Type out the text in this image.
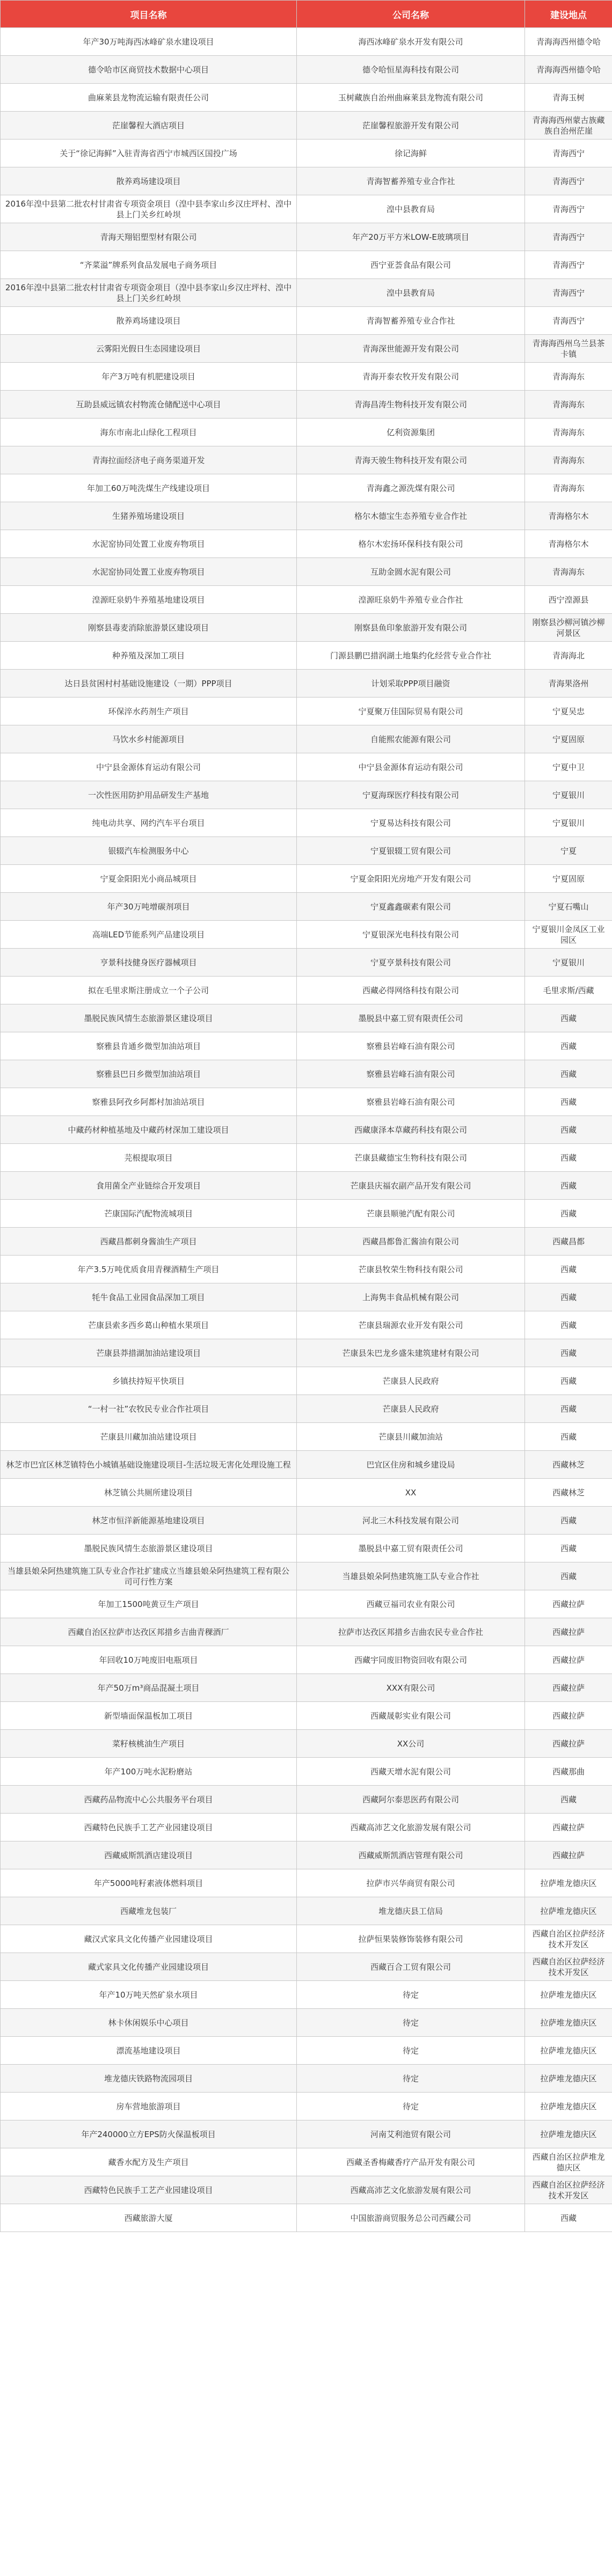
项目名称	公司名称	建设地点
年产30万吨海西冰峰矿泉水建设项目	海西冰峰矿泉水开发有限公司	青海海西州德令哈
德令哈市区商贸技术数据中心项目	德令哈恒星海科技有限公司	青海海西州德令哈
曲麻莱县龙物流运输有限责任公司	玉树藏族自治州曲麻莱县龙物流有限公司	青海玉树
茫崖馨程大酒店项目	茫崖馨程旅游开发有限公司	青海海西州蒙古族藏族自治州茫崖
关于“徐记海鲜”入驻青海省西宁市城西区国投广场	徐记海鲜	青海西宁
散养鸡场建设项目	青海智蓄养殖专业合作社	青海西宁
2016年湟中县第二批农村甘肃省专项资金项目（湟中县李家山乡汉庄坪村、湟中县上门关乡红岭坝	湟中县教育局	青海西宁
青海天翔铝塑型材有限公司	年产20万平方米LOW-E玻璃项目	青海西宁
“齐菜溢”牌系列食品发展电子商务项目	西宁亚荟食品有限公司	青海西宁
2016年湟中县第二批农村甘肃省专项资金项目（湟中县李家山乡汉庄坪村、湟中县上门关乡红岭坝	湟中县教育局	青海西宁
散养鸡场建设项目	青海智蓄养殖专业合作社	青海西宁
云雾阳光假日生态园建设项目	青海深世能源开发有限公司	青海海西州乌兰县茶卡镇
年产3万吨有机肥建设项目	青海开泰农牧开发有限公司	青海海东
互助县威远镇农村物流仓储配送中心项目	青海昌涛生物科技开发有限公司	青海海东
海东市南北山绿化工程项目	亿利资源集团	青海海东
青海拉面经济电子商务渠道开发	青海天骏生物科技开发有限公司	青海海东
年加工60万吨洗煤生产线建设项目	青海鑫之源洗煤有限公司	青海海东
生猪养殖场建设项目	格尔木德宝生态养殖专业合作社	青海格尔木
水泥窑协同处置工业废弃物项目	格尔木宏扬环保科技有限公司	青海格尔木
水泥窑协同处置工业废弃物项目	互助金圆水泥有限公司	青海海东
湟源旺泉奶牛养殖基地建设项目	湟源旺泉奶牛养殖专业合作社	西宁湟源县
刚察县毒麦消除旅游景区建设项目	刚察县鱼印象旅游开发有限公司	刚察县沙柳河镇沙柳河景区
种养殖及深加工项目	门源县鹏巴措润湖土地集约化经营专业合作社	青海海北
达日县贫困村村基础设施建设（一期）PPP项目	计划采取PPP项目融资	青海果洛州
环保淬水药剂生产项目	宁夏聚万佳国际贸易有限公司	宁夏吴忠
马饮水乡村能源项目	自能熙农能源有限公司	宁夏固原
中宁县金源体育运动有限公司	中宁县金源体育运动有限公司	宁夏中卫
一次性医用防护用品研发生产基地	宁夏海琛医疗科技有限公司	宁夏银川
纯电动共享、网约汽车平台项目	宁夏易达科技有限公司	宁夏银川
银辍汽车检测服务中心	宁夏银辍工贸有限公司	宁夏
宁夏金阳阳光小商品城项目	宁夏金阳阳光房地产开发有限公司	宁夏固原
年产30万吨增碳剂项目	宁夏鑫鑫碳素有限公司	宁夏石嘴山
高端LED节能系列产品建设项目	宁夏银深光电科技有限公司	宁夏银川金凤区工业园区
亨景科技健身医疗器械项目	宁夏亨景科技有限公司	宁夏银川
拟在毛里求斯注册成立一个子公司	西藏必得网络科技有限公司	毛里求斯/西藏
墨脱民族风情生态旅游景区建设项目	墨脱县中嘉工贸有限责任公司	西藏
察雅县肯通乡微型加油站项目	察雅县岩峰石油有限公司	西藏
察雅县巴日乡微型加油站项目	察雅县岩峰石油有限公司	西藏
察雅县阿孜乡阿都村加油站项目	察雅县岩峰石油有限公司	西藏
中藏药材种植基地及中藏药材深加工建设项目	西藏康泽本草藏药科技有限公司	西藏
芫根提取项目	芒康县藏德宝生物科技有限公司	西藏
食用菌全产业链综合开发项目	芒康县庆福农副产品开发有限公司	西藏
芒康国际汽配物流城项目	芒康县顺驰汽配有限公司	西藏
西藏昌都刺身酱油生产项目	西藏昌都鲁汇酱油有限公司	西藏昌都
年产3.5万吨优质食用青稞酒精生产项目	芒康县牧荣生物科技有限公司	西藏
牦牛食品工业园食品深加工项目	上海隽丰食品机械有限公司	西藏
芒康县索多西乡葛山种植水果项目	芒康县瑞源农业开发有限公司	西藏
芒康县莽措湖加油站建设项目	芒康县朱巴龙乡盛朱建筑建材有限公司	西藏
乡镇扶持短平快项目	芒康县人民政府	西藏
“一村一社”农牧民专业合作社项目	芒康县人民政府	西藏
芒康县川藏加油站建设项目	芒康县川藏加油站	西藏
林芝市巴宜区林芝镇特色小城镇基础设施建设项目-生活垃圾无害化处理设施工程	巴宜区住房和城乡建设局	西藏林芝
林芝镇公共厕所建设项目	XX	西藏林芝
林芝市恒洋新能源基地建设项目	河北三木科技发展有限公司	西藏
墨脱民族风情生态旅游景区建设项目	墨脱县中嘉工贸有限责任公司	西藏
当雄县娘朵阿热建筑施工队专业合作社扩建成立当雄县娘朵阿热建筑工程有限公司可行性方案	当雄县娘朵阿热建筑施工队专业合作社	西藏
年加工1500吨黄豆生产项目	西藏豆福司农业有限公司	西藏拉萨
西藏自治区拉萨市达孜区邦措乡吉曲青稞酒厂	拉萨市达孜区邦措乡吉曲农民专业合作社	西藏拉萨
年回收10万吨废旧电瓶项目	西藏宇同废旧物资回收有限公司	西藏拉萨
年产50万m³商品混凝土项目	XXX有限公司	西藏拉萨
新型墙面保温板加工项目	西藏晟彰实业有限公司	西藏拉萨
菜籽核桃油生产项目	XX公司	西藏拉萨
年产100万吨水泥粉磨站	西藏天增水泥有限公司	西藏那曲
西藏药品物流中心公共服务平台项目	西藏阿尔泰思医药有限公司	西藏
西藏特色民族手工艺产业园建设项目	西藏高沛艺文化旅游发展有限公司	西藏拉萨
西藏威斯凯酒店建设项目	西藏威斯凯酒店管理有限公司	西藏拉萨
年产5000吨籽素液体燃料项目	拉萨市兴华商贸有限公司	拉萨堆龙德庆区
西藏堆龙包装厂	堆龙德庆县工信局	拉萨堆龙德庆区
藏汉式家具文化传播产业园建设项目	拉萨恒果装修饰装修有限公司	西藏自治区拉萨经济技术开发区
藏式家具文化传播产业园建设项目	西藏百合工贸有限公司	西藏自治区拉萨经济技术开发区
年产10万吨天然矿泉水项目	待定	拉萨堆龙德庆区
林卡休闲娱乐中心项目	待定	拉萨堆龙德庆区
漂流基地建设项目	待定	拉萨堆龙德庆区
堆龙德庆铁路物流园项目	待定	拉萨堆龙德庆区
房车营地旅游项目	待定	拉萨堆龙德庆区
年产240000立方EPS防火保温板项目	河南艾利池贸有限公司	拉萨堆龙德庆区
藏香水配方及生产项目	西藏圣香梅藏香疗产品开发有限公司	西藏自治区拉萨堆龙德庆区
西藏特色民族手工艺产业园建设项目	西藏高沛艺文化旅游发展有限公司	西藏自治区拉萨经济技术开发区
西藏旅游大厦	中国旅游商贸服务总公司西藏公司	西藏
